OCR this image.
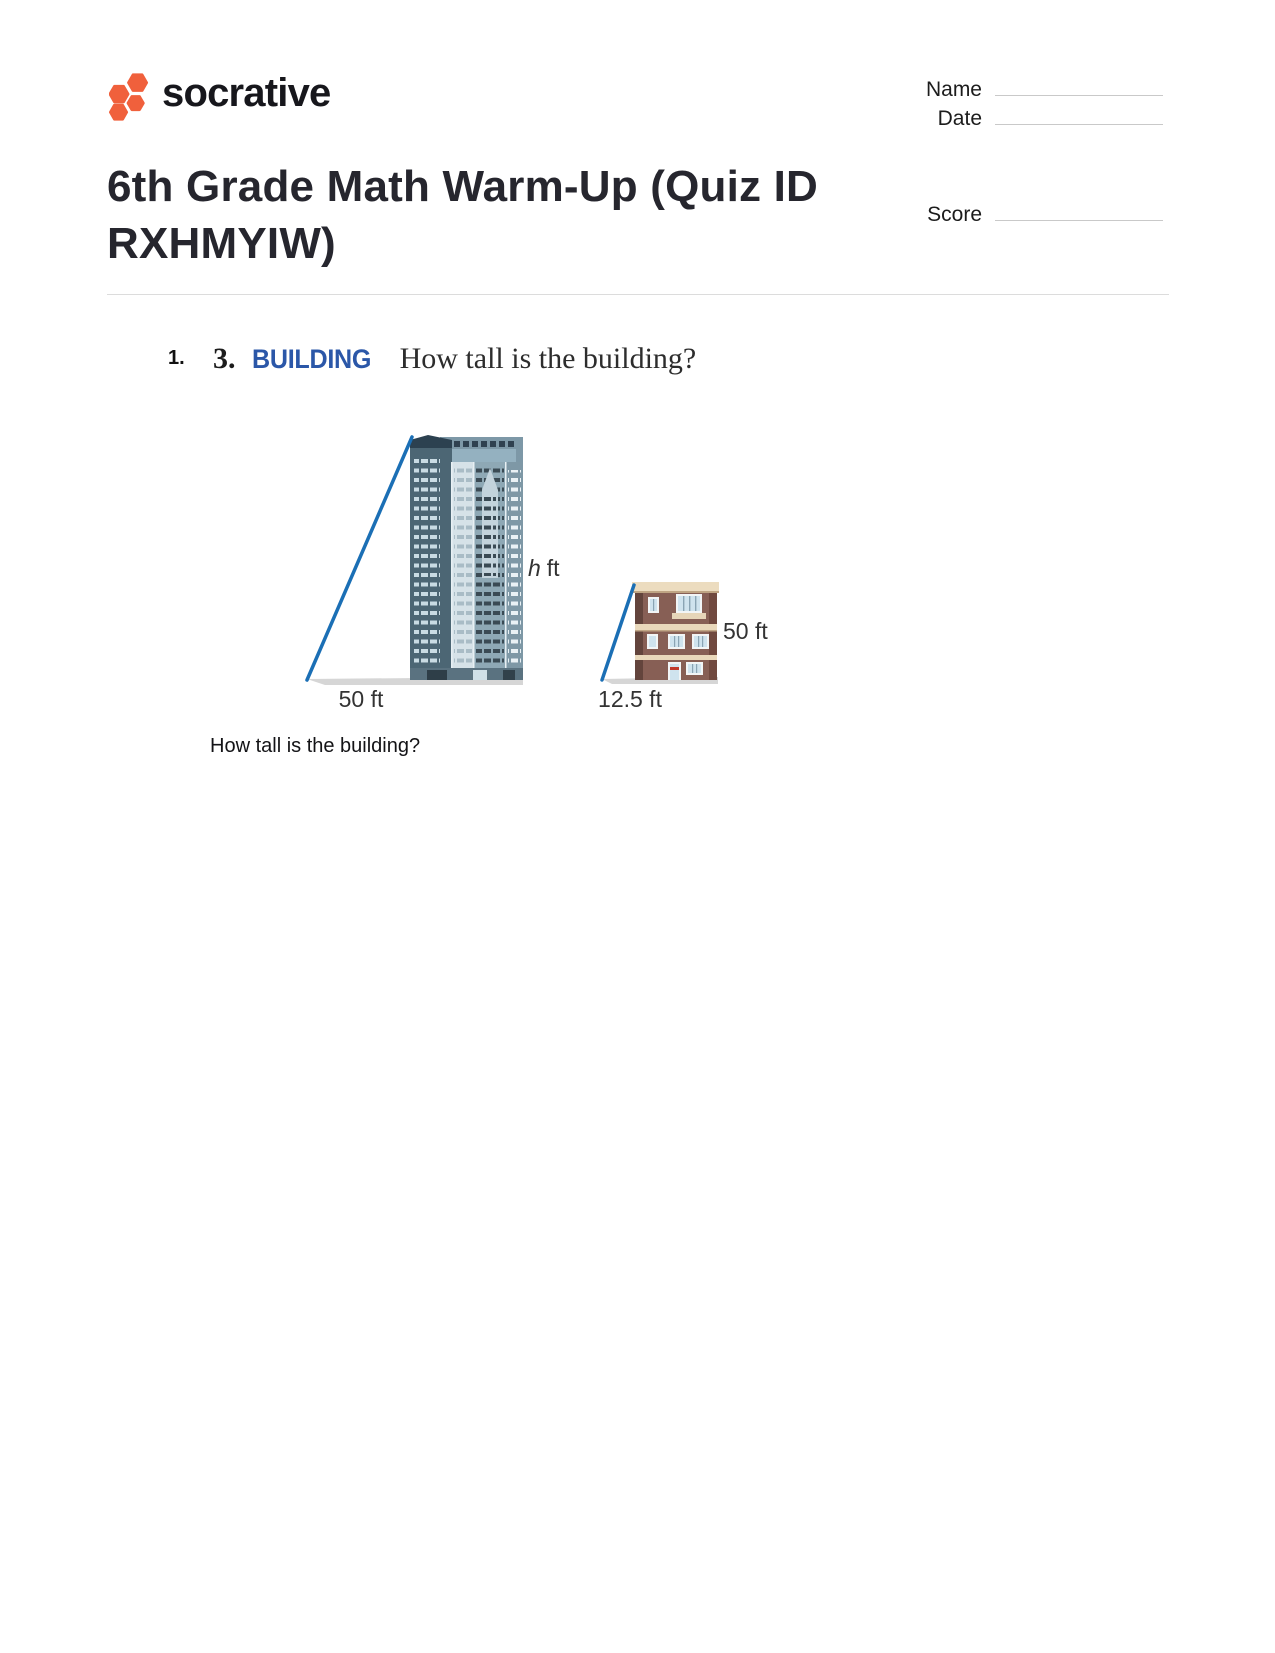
socrative	Name
Date
Score
6th Grade Math Warm-Up (Quiz ID RXHMYIW)
1. 3. BUILDING How tall is the building?
h ft
50 ft
50 ft
12.5 ft
How tall is the building?
